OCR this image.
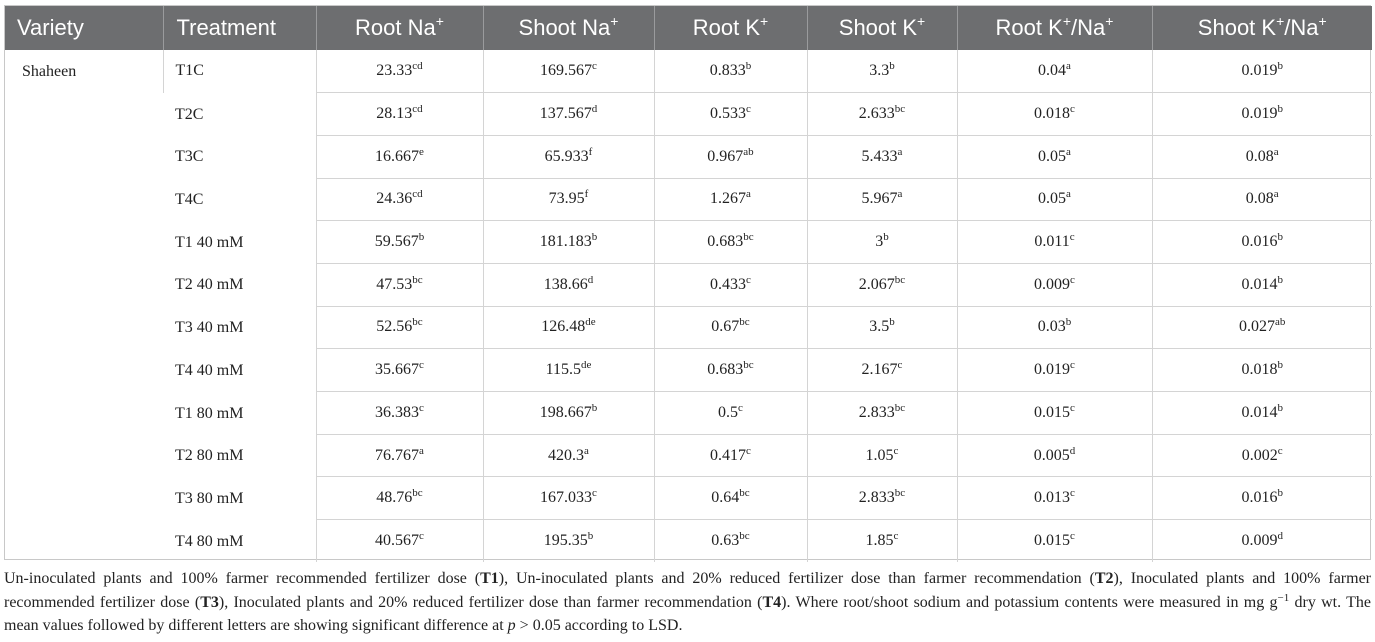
Variety	Treatment	Root Na+	Shoot Na+	Root K+	Shoot K+	Root K+/Na+	Shoot K+/Na+
Shaheen	T1C	23.33$^{cd}$	169.567$^c$	0.833$^b$	3.3$^b$	0.04$^a$	0.019$^b$
	T2C	28.13$^{cd}$	137.567$^d$	0.533$^c$	2.633$^{bc}$	0.018$^c$	0.019$^b$
	T3C	16.667e	65.933$^f$	0.967$^{ab}$	5.433$^a$	0.05$^a$	0.08$^a$
	T4C	24.36$^{cd}$	73.95$^f$	1.267$^a$	5.967$^a$	0.05$^a$	0.08$^a$
	T1 40 mM	59.567$^b$	181.183$^b$	0.683$^{bc}$	3$^b$	0.011$^c$	0.016$^b$
	T2 40 mM	47.53$^{bc}$	138.66$^d$	0.433$^c$	2.067$^{bc}$	0.009$^c$	0.014$^b$
	T3 40 mM	52.56$^{bc}$	126.48de	0.67$^{bc}$	3.5$^b$	0.03$^b$	0.027$^{ab}$
	T4 40 mM	35.667$^c$	115.5de	0.683$^{bc}$	2.167$^c$	0.019$^c$	0.018$^b$
	T1 80 mM	36.383$^c$	198.667$^b$	0.5$^c$	2.833$^{bc}$	0.015$^c$	0.014$^b$
	T2 80 mM	76.767$^a$	420.3$^a$	0.417$^c$	1.05$^c$	0.005$^d$	0.002$^c$
	T3 80 mM	48.76$^{bc}$	167.033$^c$	0.64$^{bc}$	2.833$^{bc}$	0.013$^c$	0.016$^b$
	T4 80 mM	40.567$^c$	195.35$^b$	0.63$^{bc}$	1.85$^c$	0.015$^c$	0.009$^d$

Un-inoculated plants and 100% farmer recommended fertilizer dose (T1), Un-inoculated plants and 20% reduced fertilizer dose than farmer recommendation (T2), Inoculated plants and 100% farmer recommended fertilizer dose (T3), Inoculated plants and 20% reduced fertilizer dose than farmer recommendation (T4). Where root/shoot sodium and potassium contents were measured in mg $g^{-1}$ dry wt. The mean values followed by different letters are showing significant difference at p > 0.05 according to LSD.
